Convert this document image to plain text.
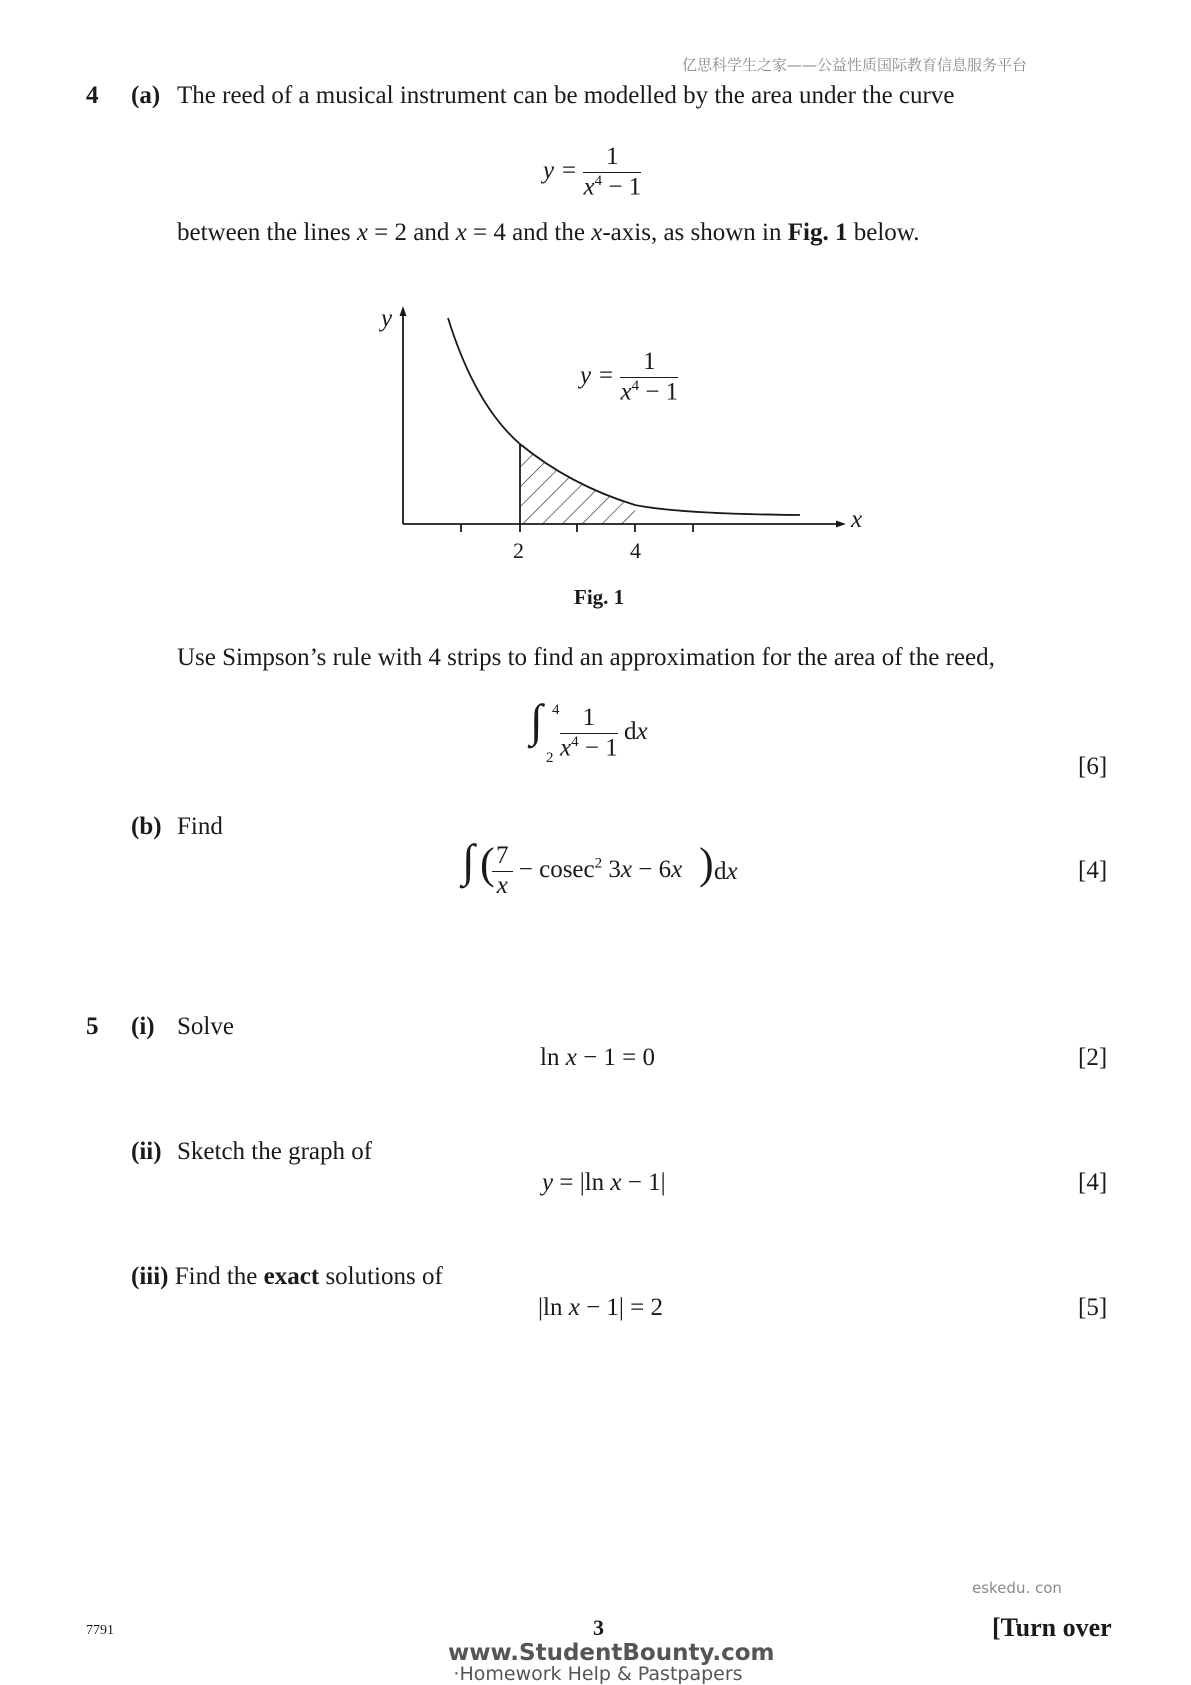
亿思科学生之家——公益性质国际教育信息服务平台
4 (a) The reed of a musical instrument can be modelled by the area under the curve
$y = \frac{1}{x^4 - 1}$
between the lines x = 2 and x = 4 and the x-axis, as shown in Fig. 1 below.
y
x
2	4
$y = \frac{1}{x^4 - 1}$
Fig. 1
Use Simpson’s rule with 4 strips to find an approximation for the area of the reed,
∫ 4
$2 \frac{1}{x^4 - 1}$ dx
[6]
(b) Find
∫ (
$\frac{7}{x} - cosec^2$ 3x − 6x ) dx	[4]
5 (i) Solve
ln x − 1 = 0	[2]
(ii) Sketch the graph of
y = |ln x − 1|	[4]
(iii) Find the exact solutions of
|ln x − 1| = 2	[5]
eskedu. con
7791	3	[Turn over
www.StudentBounty.com
·Homework Help & Pastpapers
